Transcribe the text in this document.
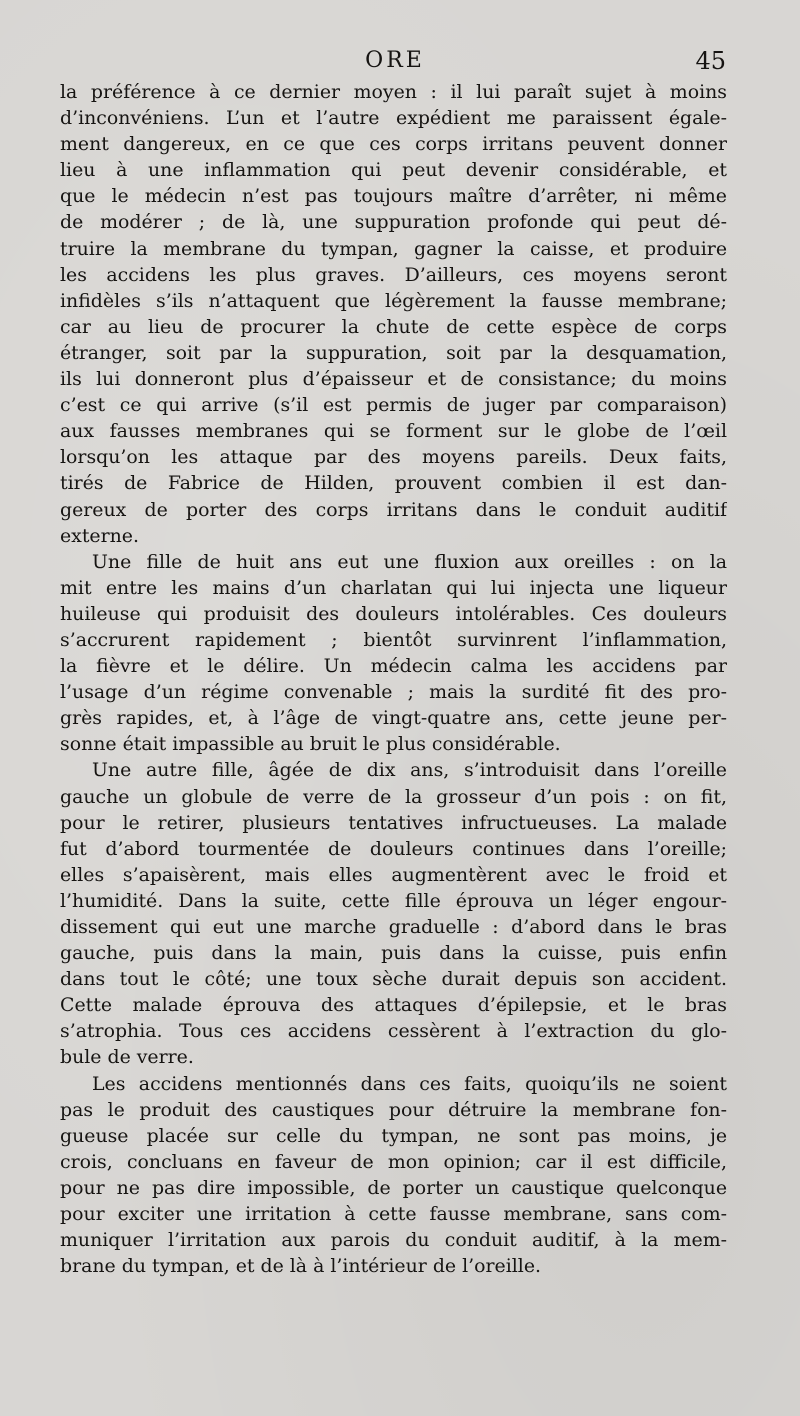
ORE	45
la préférence à ce dernier moyen : il lui paraît sujet à moins
d’inconvéniens. L’un et l’autre expédient me paraissent égale-
ment dangereux, en ce que ces corps irritans peuvent donner
lieu à une inflammation qui peut devenir considérable, et
que le médecin n’est pas toujours maître d’arrêter, ni même
de modérer ; de là, une suppuration profonde qui peut dé-
truire la membrane du tympan, gagner la caisse, et produire
les accidens les plus graves. D’ailleurs, ces moyens seront
infidèles s’ils n’attaquent que légèrement la fausse membrane;
car au lieu de procurer la chute de cette espèce de corps
étranger, soit par la suppuration, soit par la desquamation,
ils lui donneront plus d’épaisseur et de consistance; du moins
c’est ce qui arrive (s’il est permis de juger par comparaison)
aux fausses membranes qui se forment sur le globe de l’œil
lorsqu’on les attaque par des moyens pareils. Deux faits,
tirés de Fabrice de Hilden, prouvent combien il est dan-
gereux de porter des corps irritans dans le conduit auditif
externe.
Une fille de huit ans eut une fluxion aux oreilles : on la
mit entre les mains d’un charlatan qui lui injecta une liqueur
huileuse qui produisit des douleurs intolérables. Ces douleurs
s’accrurent rapidement ; bientôt survinrent l’inflammation,
la fièvre et le délire. Un médecin calma les accidens par
l’usage d’un régime convenable ; mais la surdité fit des pro-
grès rapides, et, à l’âge de vingt-quatre ans, cette jeune per-
sonne était impassible au bruit le plus considérable.
Une autre fille, âgée de dix ans, s’introduisit dans l’oreille
gauche un globule de verre de la grosseur d’un pois : on fit,
pour le retirer, plusieurs tentatives infructueuses. La malade
fut d’abord tourmentée de douleurs continues dans l’oreille;
elles s’apaisèrent, mais elles augmentèrent avec le froid et
l’humidité. Dans la suite, cette fille éprouva un léger engour-
dissement qui eut une marche graduelle : d’abord dans le bras
gauche, puis dans la main, puis dans la cuisse, puis enfin
dans tout le côté; une toux sèche durait depuis son accident.
Cette malade éprouva des attaques d’épilepsie, et le bras
s’atrophia. Tous ces accidens cessèrent à l’extraction du glo-
bule de verre.
Les accidens mentionnés dans ces faits, quoiqu’ils ne soient
pas le produit des caustiques pour détruire la membrane fon-
gueuse placée sur celle du tympan, ne sont pas moins, je
crois, concluans en faveur de mon opinion; car il est difficile,
pour ne pas dire impossible, de porter un caustique quelconque
pour exciter une irritation à cette fausse membrane, sans com-
muniquer l’irritation aux parois du conduit auditif, à la mem-
brane du tympan, et de là à l’intérieur de l’oreille.
